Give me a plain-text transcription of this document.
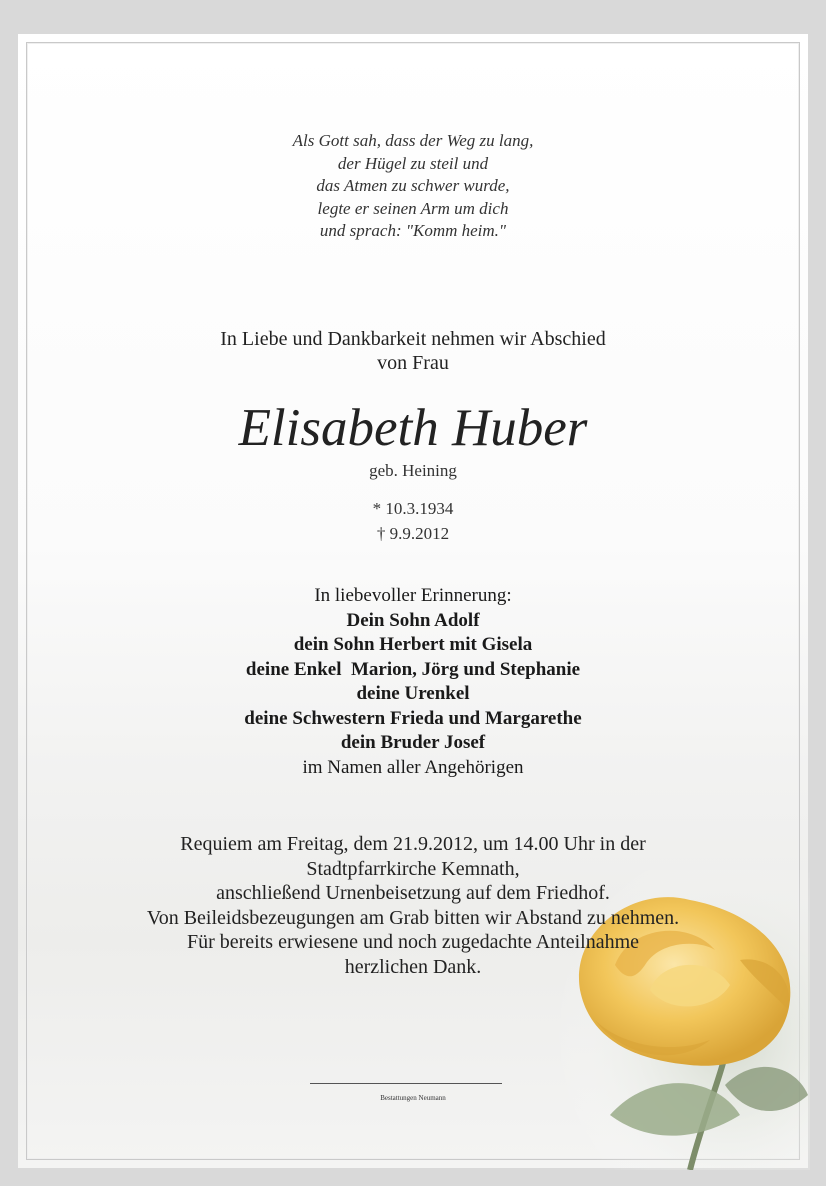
Als Gott sah, dass der Weg zu lang,
der Hügel zu steil und
das Atmen zu schwer wurde,
legte er seinen Arm um dich
und sprach: "Komm heim."
In Liebe und Dankbarkeit nehmen wir Abschied
von Frau
Elisabeth Huber
geb. Heining
* 10.3.1934
† 9.9.2012
In liebevoller Erinnerung:
Dein Sohn Adolf
dein Sohn Herbert mit Gisela
deine Enkel  Marion, Jörg und Stephanie
deine Urenkel
deine Schwestern Frieda und Margarethe
dein Bruder Josef
im Namen aller Angehörigen
Requiem am Freitag, dem 21.9.2012, um 14.00 Uhr in der
Stadtpfarrkirche Kemnath,
anschließend Urnenbeisetzung auf dem Friedhof.
Von Beileidsbezeugungen am Grab bitten wir Abstand zu nehmen.
Für bereits erwiesene und noch zugedachte Anteilnahme
herzlichen Dank.
Bestattungen Neumann
